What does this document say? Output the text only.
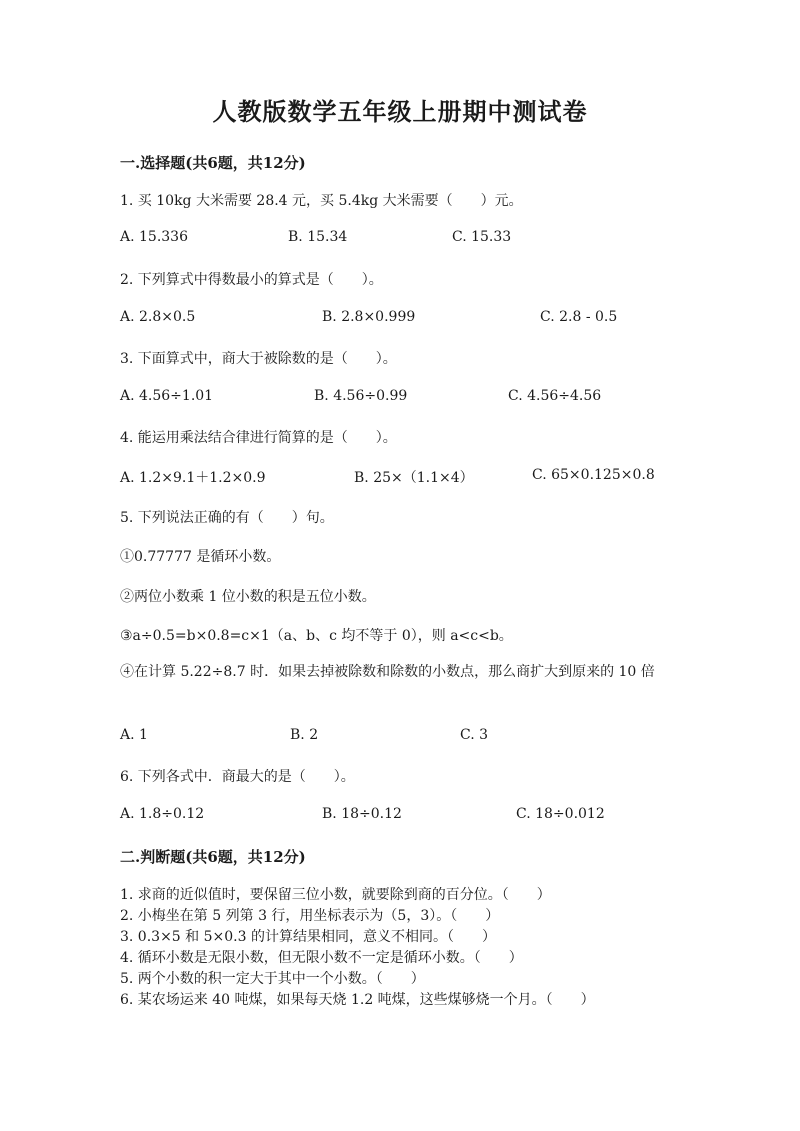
人教版数学五年级上册期中测试卷
一.选择题(共6题，共12分)
1. 买 10kg 大米需要 28.4 元，买 5.4kg 大米需要（　　）元。
A. 15.336	B. 15.34	C. 15.33
2. 下列算式中得数最小的算式是（　　）。
A. 2.8×0.5	B. 2.8×0.999	C. 2.8 - 0.5
3. 下面算式中，商大于被除数的是（　　）。
A. 4.56÷1.01	B. 4.56÷0.99	C. 4.56÷4.56
4. 能运用乘法结合律进行简算的是（　　）。
A. 1.2×9.1＋1.2×0.9	B. 25×（1.1×4）	C. 65×0.125×0.8
5. 下列说法正确的有（　　）句。
①0.77777 是循环小数。
②两位小数乘 1 位小数的积是五位小数。
③a÷0.5=b×0.8=c×1（a、b、c 均不等于 0），则 a<c<b。
④在计算 5.22÷8.7 时．如果去掉被除数和除数的小数点，那么商扩大到原来的 10 倍
A. 1	B. 2	C. 3
6. 下列各式中．商最大的是（　　）。
A. 1.8÷0.12	B. 18÷0.12	C. 18÷0.012
二.判断题(共6题，共12分)
1. 求商的近似值时，要保留三位小数，就要除到商的百分位。（　　）
2. 小梅坐在第 5 列第 3 行，用坐标表示为（5，3）。（　　）
3. 0.3×5 和 5×0.3 的计算结果相同，意义不相同。（　　）
4. 循环小数是无限小数，但无限小数不一定是循环小数。（　　）
5. 两个小数的积一定大于其中一个小数。（　　）
6. 某农场运来 40 吨煤，如果每天烧 1.2 吨煤，这些煤够烧一个月。（　　）
